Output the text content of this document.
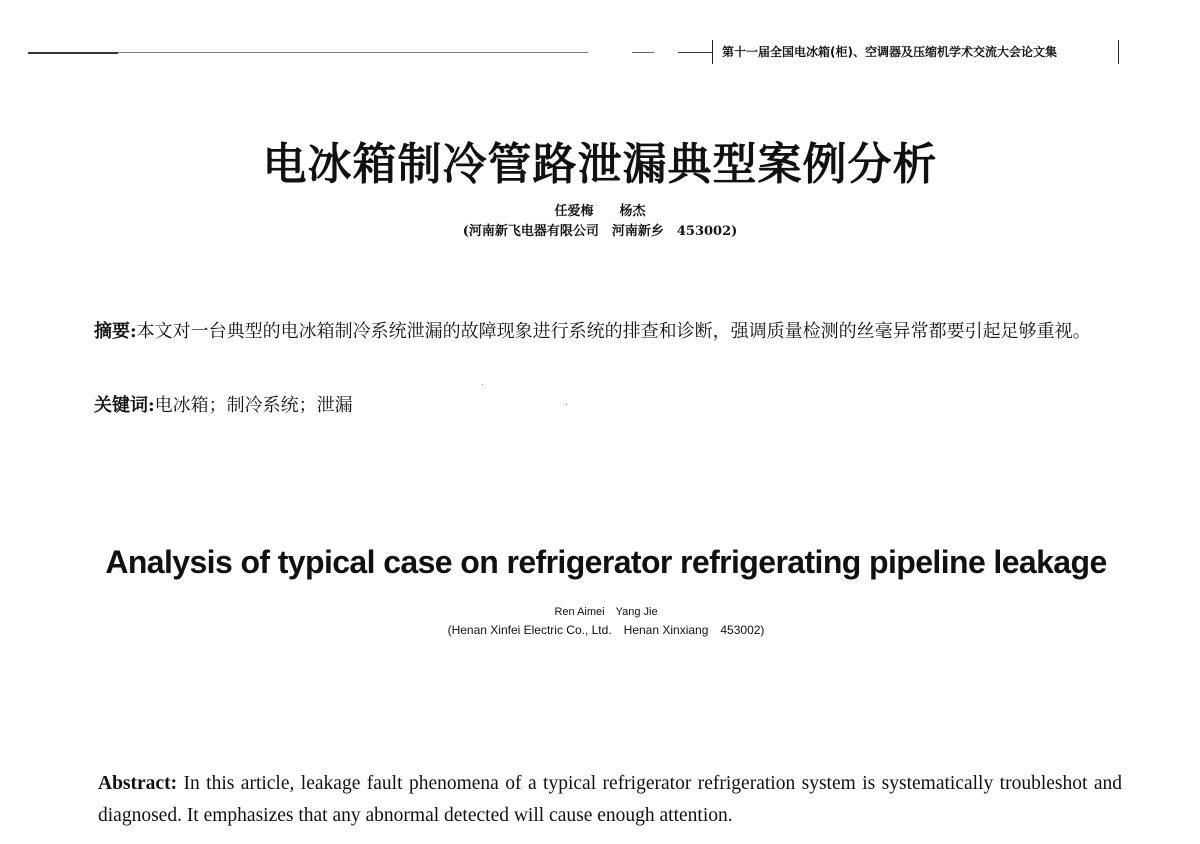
第十一届全国电冰箱(柜)、空调器及压缩机学术交流大会论文集
电冰箱制冷管路泄漏典型案例分析
任爱梅　　杨杰
(河南新飞电器有限公司　河南新乡　453002)
摘要:本文对一台典型的电冰箱制冷系统泄漏的故障现象进行系统的排查和诊断，强调质量检测的丝毫异常都要引起足够重视。
关键词:电冰箱；制冷系统；泄漏
Analysis of typical case on refrigerator refrigerating pipeline leakage
Ren Aimei　Yang Jie
(Henan Xinfei Electric Co., Ltd.　Henan Xinxiang　453002)
Abstract: In this article, leakage fault phenomena of a typical refrigerator refrigeration system is systematically troubleshot and diagnosed. It emphasizes that any abnormal detected will cause enough attention.
